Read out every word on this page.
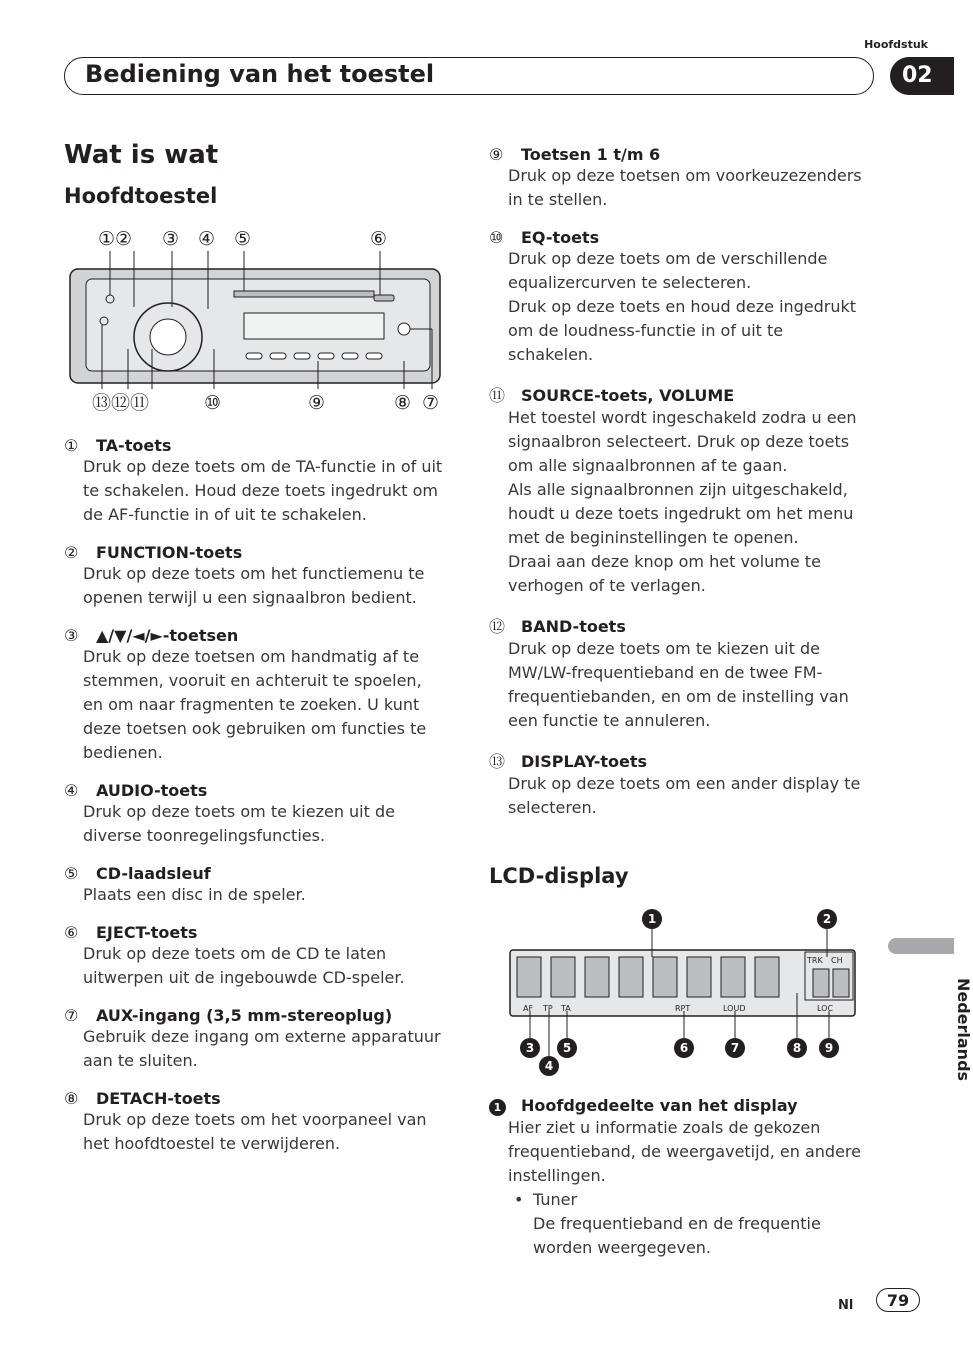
Hoofdstuk
Bediening van het toestel	02
Wat is wat
Hoofdtoestel
①② ③ ④ ⑤	⑥
⑬⑫⑪	⑩	⑨	⑧ ⑦
①	TA-toets

Druk op deze toets om de TA-functie in of uit te schakelen. Houd deze toets ingedrukt om de AF-functie in of uit te schakelen.

②	FUNCTION-toets

Druk op deze toets om het functiemenu te openen terwijl u een signaalbron bedient.

③	▲/▼/◄/►-toetsen

Druk op deze toetsen om handmatig af te stemmen, vooruit en achteruit te spoelen, en om naar fragmenten te zoeken. U kunt deze toetsen ook gebruiken om functies te bedienen.

④	AUDIO-toets

Druk op deze toets om te kiezen uit de diverse toonregelingsfuncties.

⑤	CD-laadsleuf

Plaats een disc in de speler.

⑥	EJECT-toets

Druk op deze toets om de CD te laten uitwerpen uit de ingebouwde CD-speler.

⑦	AUX-ingang (3,5 mm-stereoplug)

Gebruik deze ingang om externe apparatuur aan te sluiten.

⑧	DETACH-toets

Druk op deze toets om het voorpaneel van het hoofdtoestel te verwijderen.

⑨	Toetsen 1 t/m 6

Druk op deze toetsen om voorkeuzezenders in te stellen.

⑩	EQ-toets

Druk op deze toets om de verschillende equalizercurven te selecteren.

Druk op deze toets en houd deze ingedrukt om de loudness-functie in of uit te schakelen.

⑪ SOURCE-toets, VOLUME

Het toestel wordt ingeschakeld zodra u een signaalbron selecteert. Druk op deze toets om alle signaalbronnen af te gaan.

Als alle signaalbronnen zijn uitgeschakeld, houdt u deze toets ingedrukt om het menu met de begininstellingen te openen.

Draai aan deze knop om het volume te verhogen of te verlagen.

⑫ BAND-toets

Druk op deze toets om te kiezen uit de MW/LW-frequentieband en de twee FM-frequentiebanden, en om de instelling van een functie te annuleren.

⑬ DISPLAY-toets

Druk op deze toets om een ander display te selecteren.

LCD-display
1	2
3
4
5	6	7	8 9
AF TP TA	RPT	LOUD	LOC
TRK CH
1 Hoofdgedeelte van het display

Hier ziet u informatie zoals de gekozen frequentieband, de weergavetijd, en andere instellingen.

• Tuner
De frequentieband en de frequentie worden weergegeven.
Nederlands
Nl	79
